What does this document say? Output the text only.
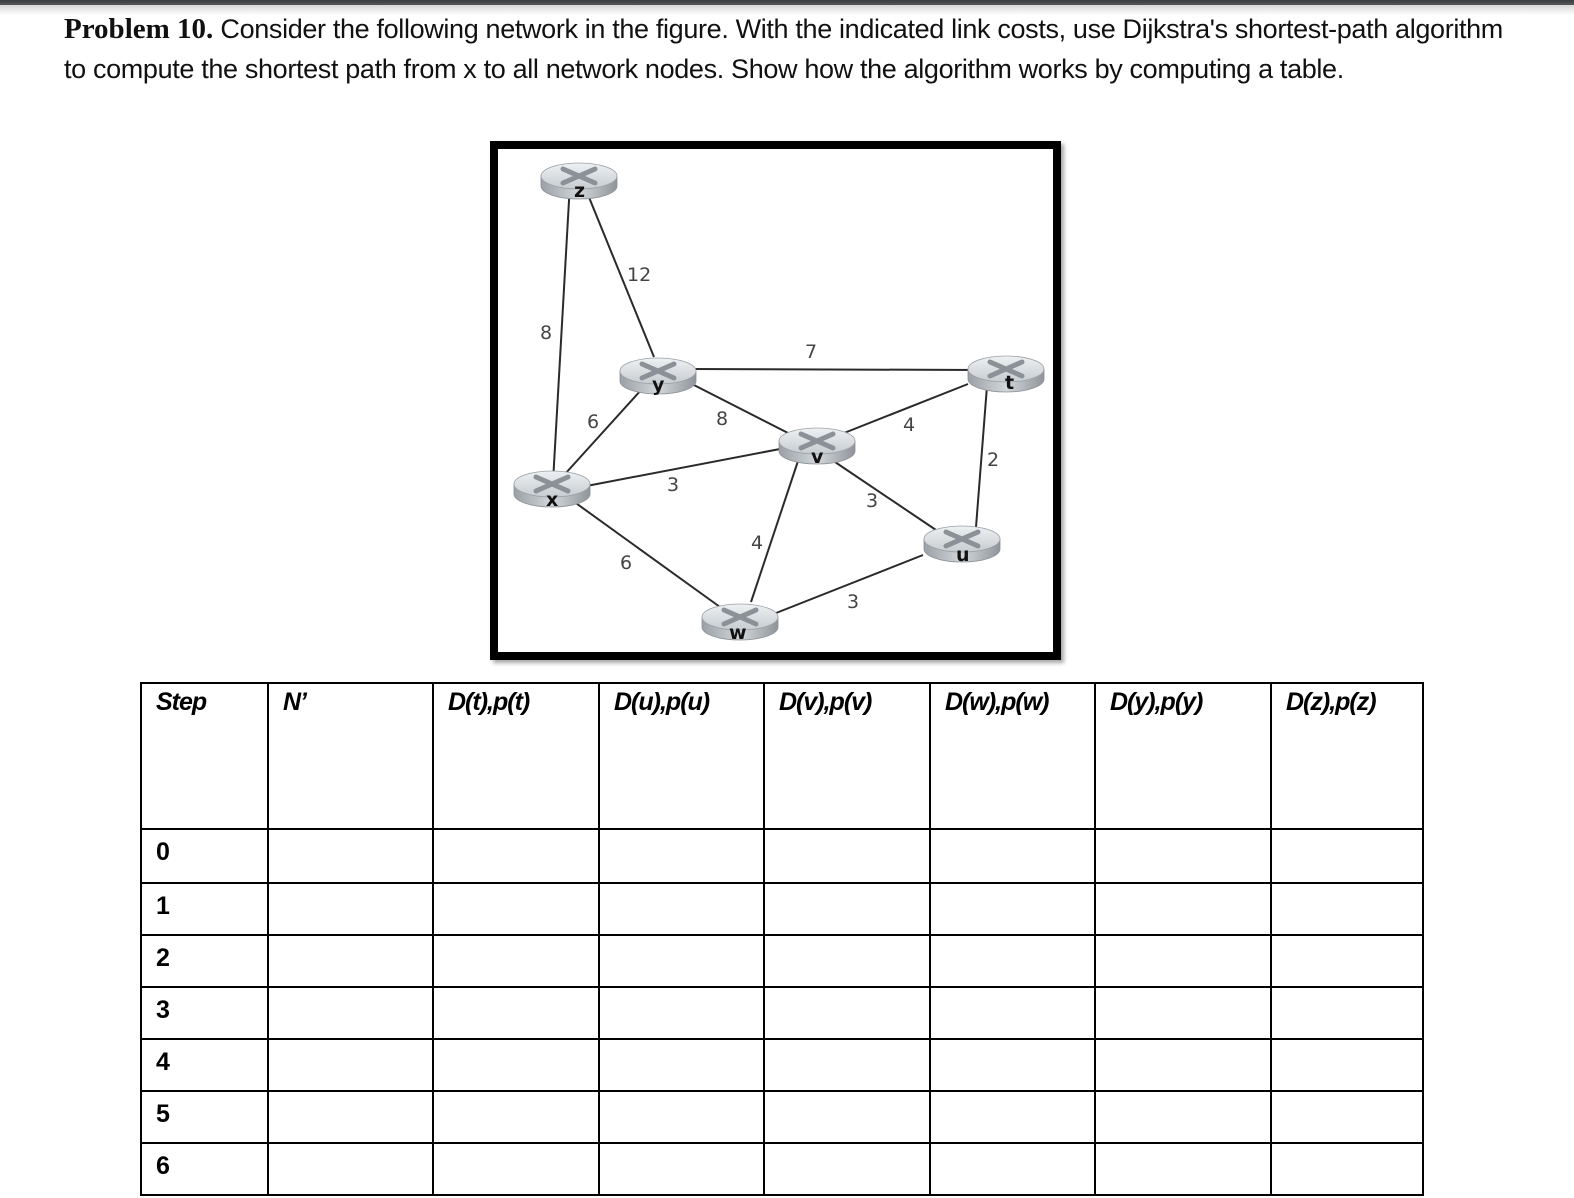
Problem 10. Consider the following network in the figure. With the indicated link costs, use Dijkstra's shortest-path algorithm to compute the shortest path from x to all network nodes. Show how the algorithm works by computing a table.
8
12
7
6	8
3
6
4
3
4
2
3
z
y	t
x
v
u
w
Step	N’	D(t),p(t)	D(u),p(u)	D(v),p(v)	D(w),p(w)	D(y),p(y)	D(z),p(z)
0							
1							
2							
3							
4							
5							
6							
